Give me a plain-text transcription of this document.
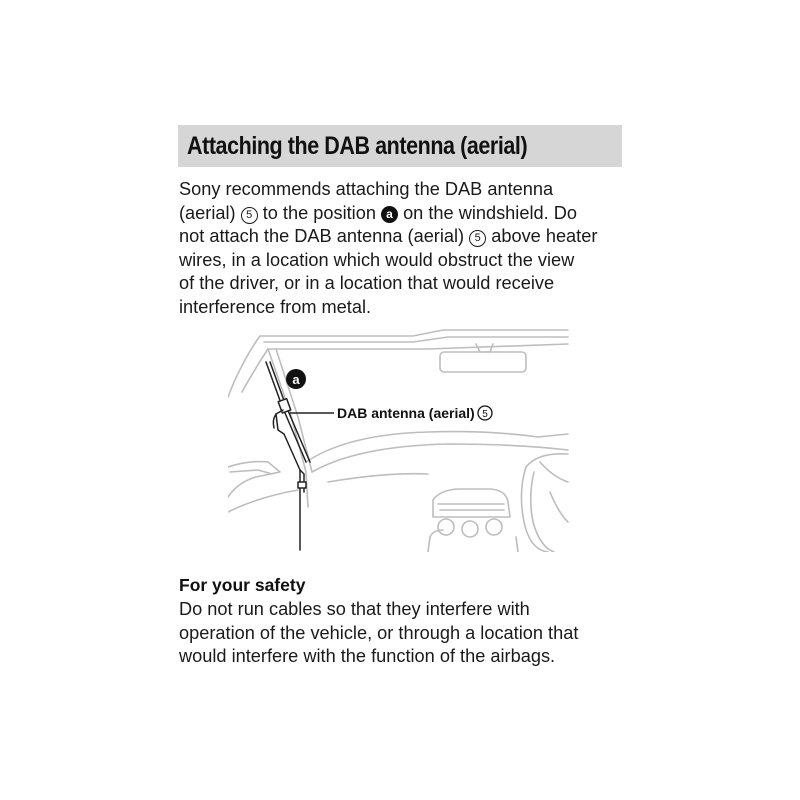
Attaching the DAB antenna (aerial)

Sony recommends attaching the DAB antenna

(aerial) 5 to the position a on the windshield. Do

not attach the DAB antenna (aerial) 5 above heater

wires, in a location which would obstruct the view

of the driver, or in a location that would receive

interference from metal.

a
DAB antenna (aerial) 5
For your safety

Do not run cables so that they interfere with

operation of the vehicle, or through a location that

would interfere with the function of the airbags.
